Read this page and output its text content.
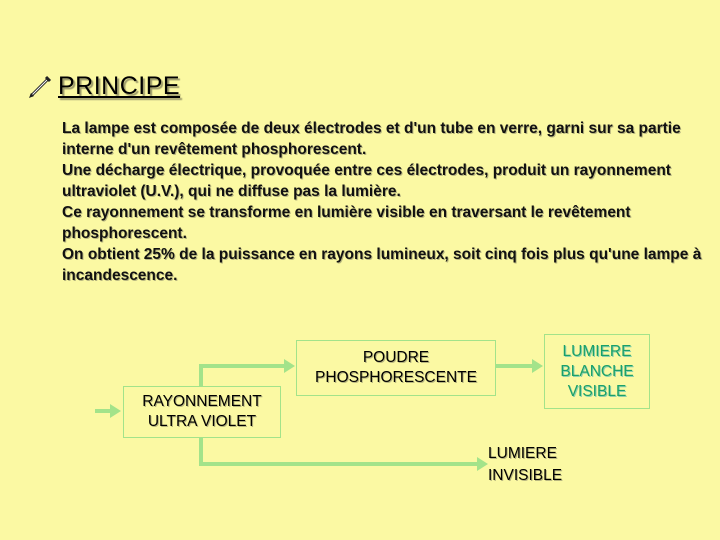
PRINCIPE

La lampe est composée de deux électrodes et d'un tube en verre, garni sur sa partie interne d'un revêtement phosphorescent.

Une décharge électrique, provoquée entre ces électrodes, produit un rayonnement ultraviolet (U.V.), qui ne diffuse pas la lumière.

Ce rayonnement se transforme en lumière visible en traversant le revêtement phosphorescent.

On obtient 25% de la puissance en rayons lumineux, soit cinq fois plus qu'une lampe à incandescence.

RAYONNEMENT
ULTRA VIOLET
POUDRE
PHOSPHORESCENTE
LUMIERE
BLANCHE
VISIBLE
LUMIERE
INVISIBLE
